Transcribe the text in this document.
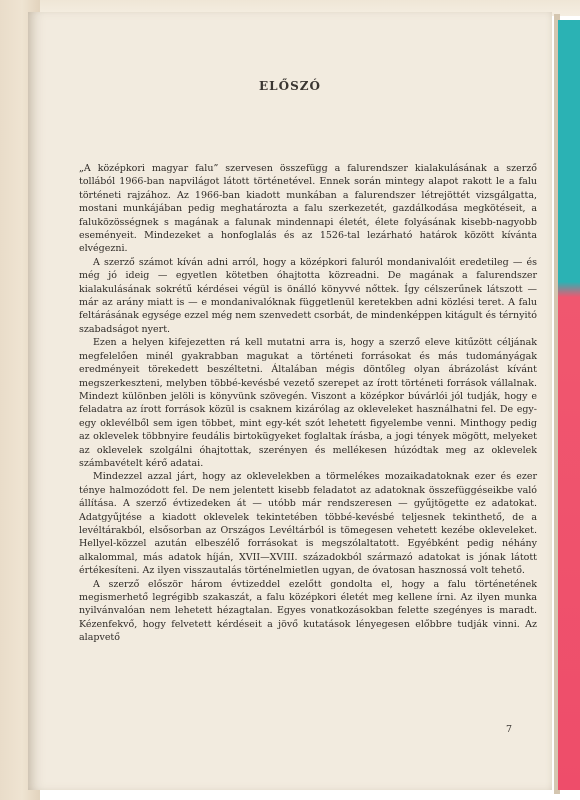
ELŐSZÓ

„A középkori magyar falu” szervesen összefügg a falurendszer kialakulásának a szerző tollából 1966-ban napvilágot látott történetével. Ennek során mintegy alapot rakott le a falu történeti rajzához. Az 1966-ban kiadott munkában a falurendszer létrejöttét vizsgálgatta, mostani munkájában pedig meghatározta a falu szerkezetét, gazdálkodása megkötéseit, a faluközösségnek s magának a falunak mindennapi életét, élete folyásának kisebb-nagyobb eseményeit. Mindezeket a honfoglalás és az 1526-tal lezárható határok között kívánta elvégezni.

A szerző számot kíván adni arról, hogy a középkori faluról mondanivalóit eredetileg — és még jó ideig — egyetlen kötetben óhajtotta közreadni. De magának a falurendszer kialakulásának sokrétű kérdései végül is önálló könyvvé nőttek. Így célszerűnek látszott — már az arány miatt is — e mondanivalóknak függetlenül keretekben adni közlési teret. A falu feltárásának egysége ezzel még nem szenvedett csorbát, de mindenképpen kitágult és térnyitó szabadságot nyert.

Ezen a helyen kifejezetten rá kell mutatni arra is, hogy a szerző eleve kitűzött céljának megfelelően minél gyakrabban magukat a történeti forrásokat és más tudományágak eredményeit törekedett beszéltetni. Általában mégis döntőleg olyan ábrázolást kívánt megszerkeszteni, melyben többé-kevésbé vezető szerepet az írott történeti források vállalnak. Mindezt különben jelöli is könyvünk szövegén. Viszont a középkor búvárlói jól tudják, hogy e feladatra az írott források közül is csaknem kizárólag az okleveleket használhatni fel. De egy-egy oklevélből sem igen többet, mint egy-két szót lehetett figyelembe venni. Minthogy pedig az oklevelek többnyire feudális birtokügyeket foglaltak írásba, a jogi tények mögött, melyeket az oklevelek szolgálni óhajtottak, szerényen és mellékesen húzódtak meg az oklevelek számbavételt kérő adatai.

Mindezzel azzal járt, hogy az oklevelekben a törmelékes mozaikadatoknak ezer és ezer ténye halmozódott fel. De nem jelentett kisebb feladatot az adatoknak összefüggéseikbe való állítása. A szerző évtizedeken át — utóbb már rendszeresen — gyűjtögette ez adatokat. Adatgyűjtése a kiadott oklevelek tekintetében többé-kevésbé teljesnek tekinthető, de a levéltárakból, elsősorban az Országos Levéltárból is tömegesen vehetett kezébe okleveleket. Hellyel-közzel azután elbeszélő forrásokat is megszólaltatott. Egyébként pedig néhány alkalommal, más adatok híján, XVII—XVIII. századokból származó adatokat is jónak látott értékesíteni. Az ilyen visszautalás történelmietlen ugyan, de óvatosan hasznossá volt tehető.

A szerző először három évtizeddel ezelőtt gondolta el, hogy a falu történetének megismerhető legrégibb szakaszát, a falu középkori életét meg kellene írni. Az ilyen munka nyilvánvalóan nem lehetett hézagtalan. Egyes vonatkozásokban felette szegényes is maradt. Kézenfekvő, hogy felvetett kérdéseit a jövő kutatások lényegesen előbbre tudják vinni. Az alapvető

7
